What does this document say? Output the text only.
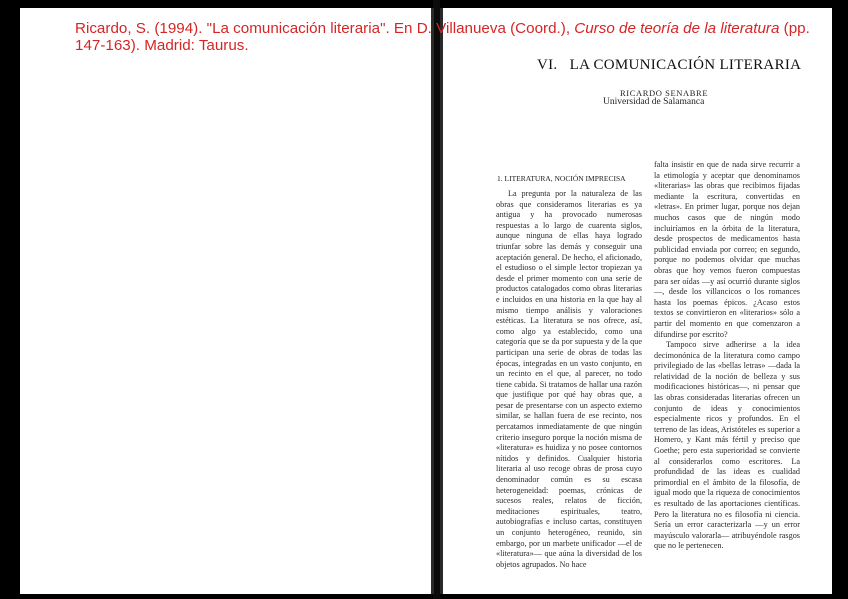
Ricardo, S. (1994). "La comunicación literaria". En D. Villanueva (Coord.), Curso de teoría de la literatura (pp. 147-163). Madrid: Taurus.

VI. LA COMUNICACIÓN LITERARIA
RICARDO SENABRE
Universidad de Salamanca
1. LITERATURA, NOCIÓN IMPRECISA

La pregunta por la naturaleza de las obras que consideramos literarias es ya antigua y ha provocado numerosas respuestas a lo largo de cuarenta siglos, aunque ninguna de ellas haya logrado triunfar sobre las demás y conseguir una aceptación general. De hecho, el aficionado, el estudioso o el simple lector tropiezan ya desde el primer momento con una serie de productos catalogados como obras literarias e incluidos en una historia en la que hay al mismo tiempo análisis y valoraciones estéticas. La literatura se nos ofrece, así, como algo ya establecido, como una categoría que se da por supuesta y de la que participan una serie de obras de todas las épocas, integradas en un vasto conjunto, en un recinto en el que, al parecer, no todo tiene cabida. Si tratamos de hallar una razón que justifique por qué hay obras que, a pesar de presentarse con un aspecto externo similar, se hallan fuera de ese recinto, nos percatamos inmediatamente de que ningún criterio inseguro porque la noción misma de «literatura» es huidiza y no posee contornos nítidos y definidos. Cualquier historia literaria al uso recoge obras de prosa cuyo denominador común es su escasa heterogeneidad: poemas, crónicas de sucesos reales, relatos de ficción, meditaciones espirituales, teatro, autobiografías e incluso cartas, constituyen un conjunto heterogéneo, reunido, sin embargo, por un marbete unificador —el de «literatura»— que aúna la diversidad de los objetos agrupados. No hace

falta insistir en que de nada sirve recurrir a la etimología y aceptar que denominamos «literarias» las obras que recibimos fijadas mediante la escritura, convertidas en «letras». En primer lugar, porque nos dejan muchos casos que de ningún modo incluiríamos en la órbita de la literatura, desde prospectos de medicamentos hasta publicidad enviada por correo; en segundo, porque no podemos olvidar que muchas obras que hoy vemos fueron compuestas para ser oídas —y así ocurrió durante siglos—, desde los villancicos o los romances hasta los poemas épicos. ¿Acaso estos textos se convirtieron en «literarios» sólo a partir del momento en que comenzaron a difundirse por escrito?

Tampoco sirve adherirse a la idea decimonónica de la literatura como campo privilegiado de las «bellas letras» —dada la relatividad de la noción de belleza y sus modificaciones históricas—, ni pensar que las obras consideradas literarias ofrecen un conjunto de ideas y conocimientos especialmente ricos y profundos. En el terreno de las ideas, Aristóteles es superior a Homero, y Kant más fértil y preciso que Goethe; pero esta superioridad se convierte al considerarlos como escritores. La profundidad de las ideas es cualidad primordial en el ámbito de la filosofía, de igual modo que la riqueza de conocimientos es resultado de las aportaciones científicas. Pero la literatura no es filosofía ni ciencia. Sería un error caracterizarla —y un error mayúsculo valorarla— atribuyéndole rasgos que no le pertenecen.
